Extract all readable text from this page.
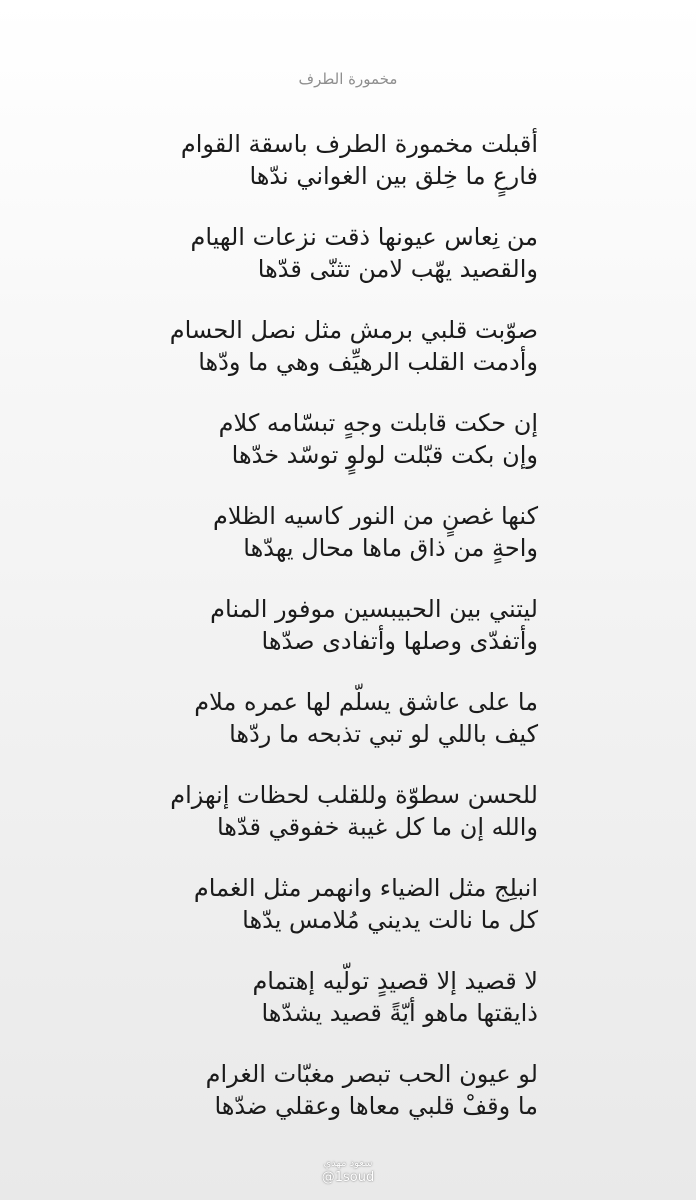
مخمورة الطرف
أقبلت مخمورة الطرف باسقة القوام
فارعٍ ما خِلق بين الغواني ندّها
من نِعاس عيونها ذقت نزعات الهيام
والقصيد يهّب لامن تثنّى قدّها
صوّبت قلبي برمش مثل نصل الحسام
وأدمت القلب الرهيِّف وهي ما ودّها
إن حكت قابلت وجهٍ تبسّامه كلام
وإن بكت قبّلت لولوٍ توسّد خدّها
كنها غصنٍ من النور كاسيه الظلام
واحةٍ من ذاق ماها محال يهدّها
ليتني بين الحبيبسين موفور المنام
وأتفدّى وصلها وأتفادى صدّها
ما على عاشق يسلّم لها عمره ملام
كيف باللي لو تبي تذبحه ما ردّها
للحسن سطوّة وللقلب لحظات إنهزام
والله إن ما كل غيبة خفوقي قدّها
انبلِج مثل الضياء وانهمر مثل الغمام
كل ما نالت يديني مُلامس يدّها
لا قصيد إلا قصيدٍ تولّيه إهتمام
ذايقتها ماهو أيّةً قصيد يشدّها
لو عيون الحب تبصر مغبّات الغرام
ما وقفْ قلبي معاها وعقلي ضدّها
سعود مهدي
@1soud
